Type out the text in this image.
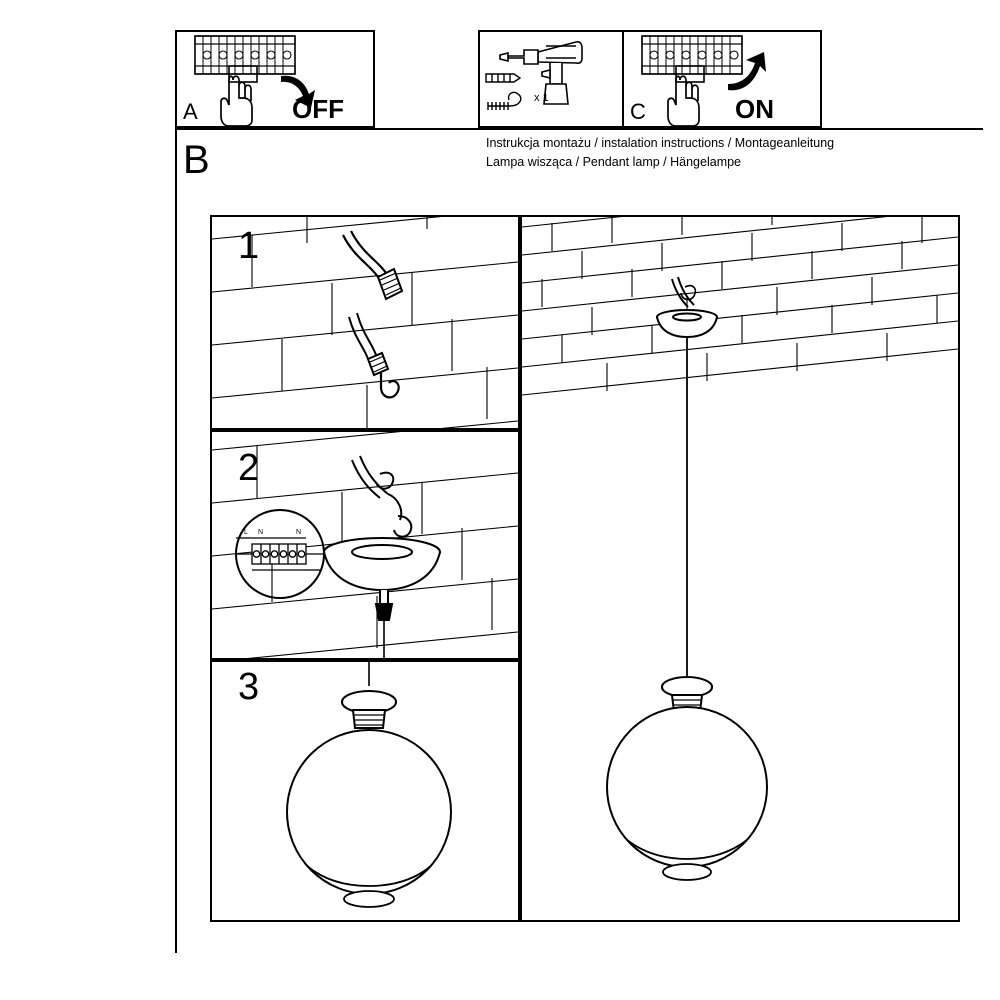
A	OFF	x 1
C	ON
Instrukcja montażu / instalation instructions / Montageanleitung
Lampa wisząca / Pendant lamp / Hängelampe
B
1
L N	N
2
3
